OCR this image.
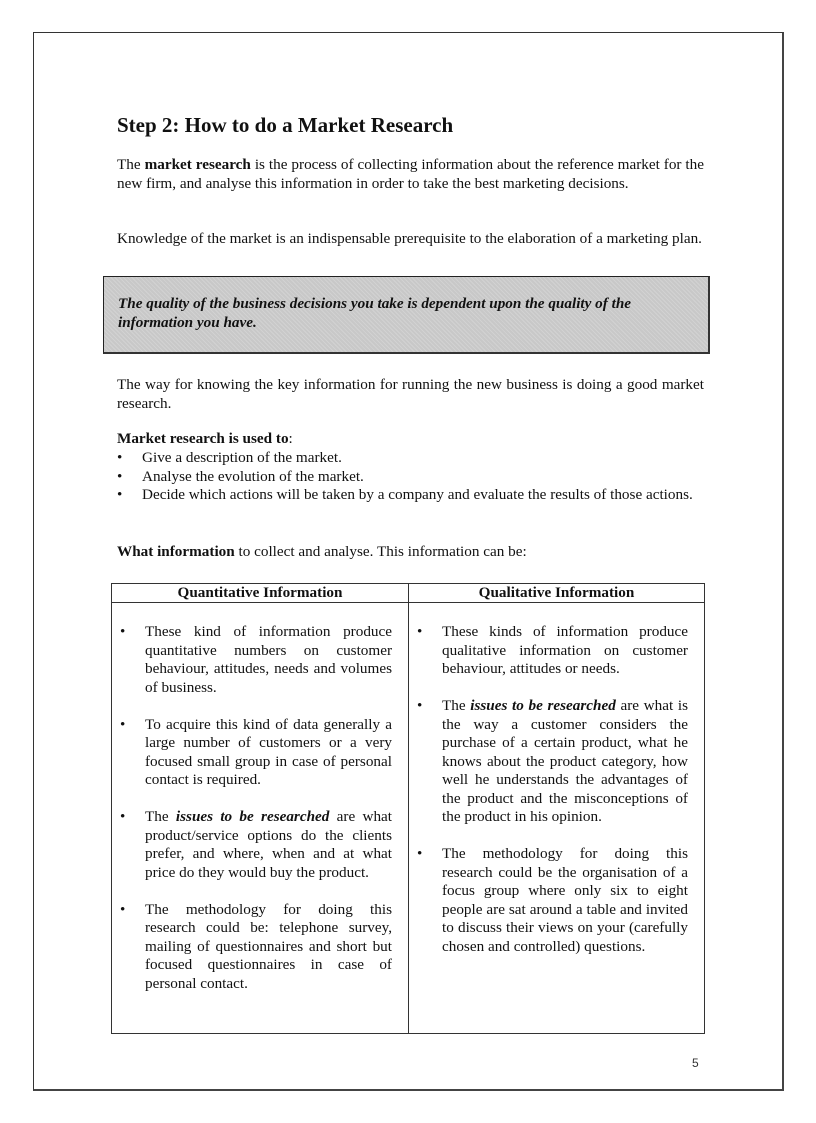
Step 2: How to do a Market Research

The market research is the process of collecting information about the reference market for the new firm, and analyse this information in order to take the best marketing decisions.

Knowledge of the market is an indispensable prerequisite to the elaboration of a marketing plan.

The quality of the business decisions you take is dependent upon the quality of the information you have.

The way for knowing the key information for running the new business is doing a good market research.

Market research is used to:

• Give a description of the market.
• Analyse the evolution of the market.
• Decide which actions will be taken by a company and evaluate the results of those actions.

What information to collect and analyse. This information can be:

Quantitative Information	Qualitative Information

• These kind of information produce quantitative numbers on customer behaviour, attitudes, needs and volumes of business.
• To acquire this kind of data generally a large number of customers or a very focused small group in case of personal contact is required.
• The issues to be researched are what product/service options do the clients prefer, and where, when and at what price do they would buy the product.
• The methodology for doing this research could be: telephone survey, mailing of questionnaires and short but focused questionnaires in case of personal contact.

• These kinds of information produce qualitative information on customer behaviour, attitudes or needs.
• The issues to be researched are what is the way a customer considers the purchase of a certain product, what he knows about the product category, how well he understands the advantages of the product and the misconceptions of the product in his opinion.
• The methodology for doing this research could be the organisation of a focus group where only six to eight people are sat around a table and invited to discuss their views on your (carefully chosen and controlled) questions.
5
